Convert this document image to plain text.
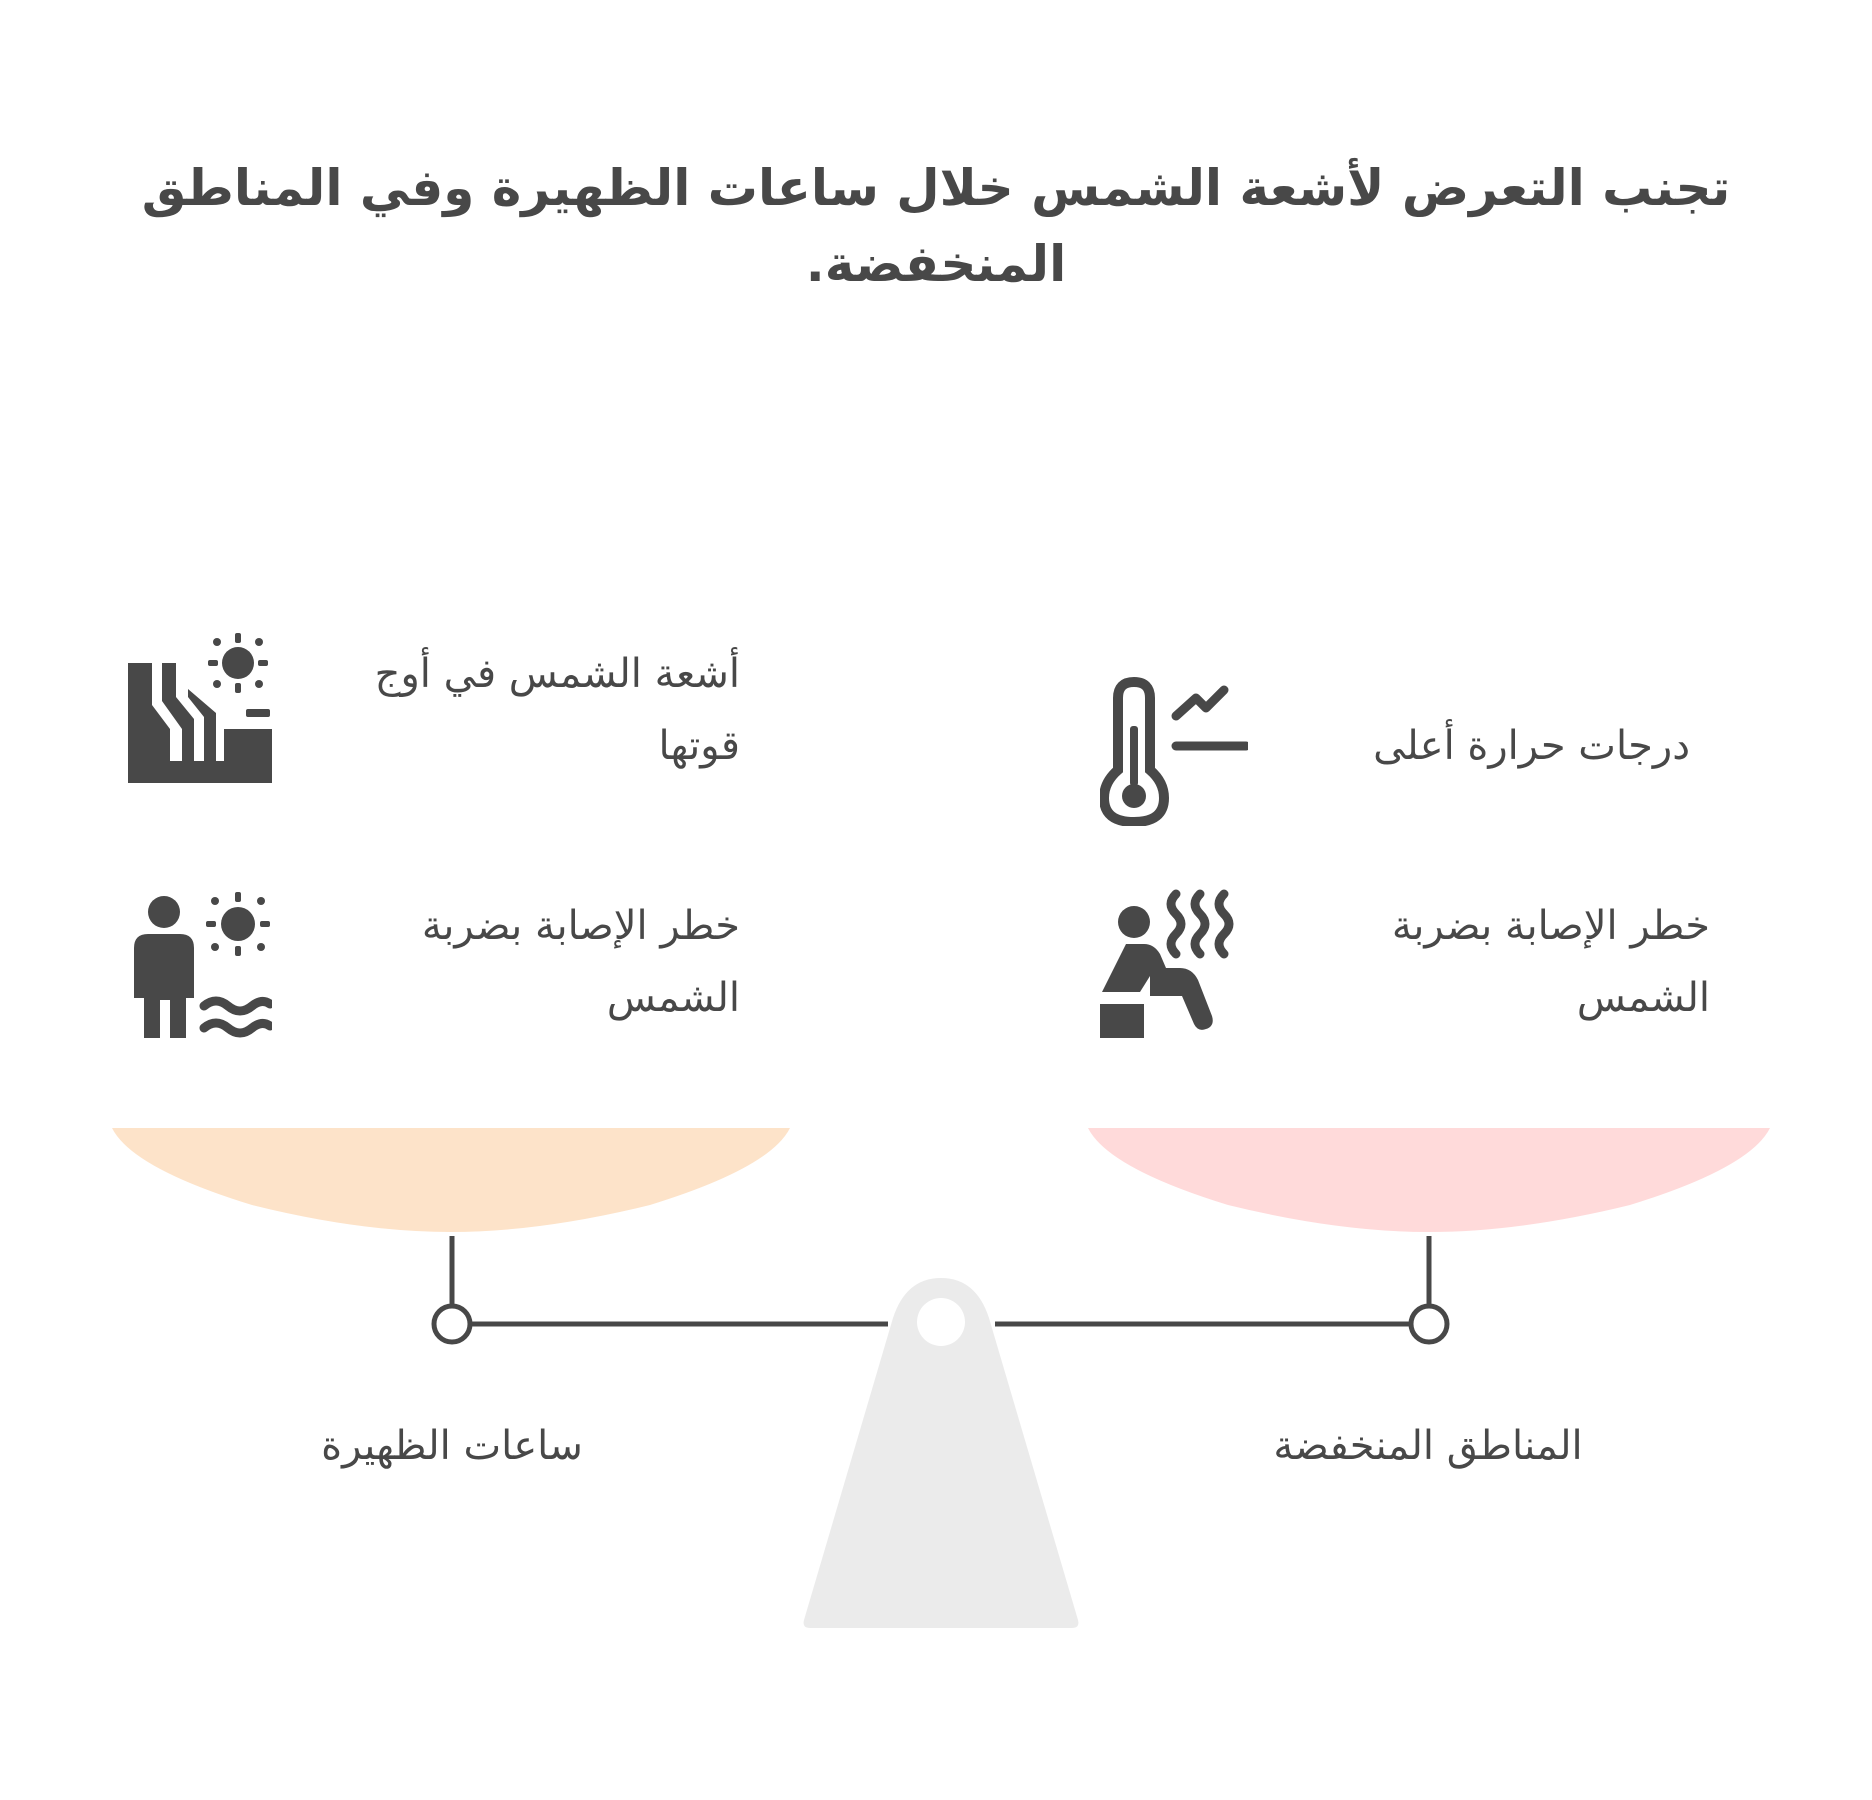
تجنب التعرض لأشعة الشمس خلال ساعات الظهيرة وفي المناطق المنخفضة.
أشعة الشمس في أوج قوتها
خطر الإصابة بضربة الشمس
درجات حرارة أعلى
خطر الإصابة بضربة الشمس
ساعات الظهيرة	المناطق المنخفضة
